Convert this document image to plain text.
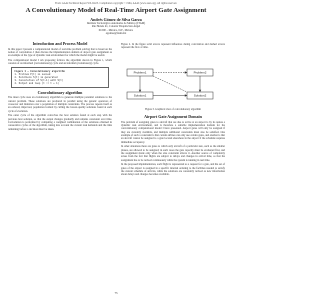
From: AAAI Technical Report WS-94-03. Compilation copyright © 1994, AAAI (www.aaai.org). All rights reserved.
A Convolutionary Model of Real-Time Airport Gate Assignment
Andrés Gómez de Silva Garza
Instituto Tecnológico Autónomo de México (ITAM)
Río Hondo #1, Colonia Tizapán-San Ángel
01000 – México, D.F., México
agomez@itam.mx
Introduction and Process Model

In this paper I present a computational model of real-time problem solving that is based on the notion of convolution. I then discuss the implementation domain of airport gate assignment as an example of the type of dynamic task environment for which the model might be useful.

The computational model I am proposing follows the algorithm shown in Figure 1, which consists of an informed (convolutionary) cycle and an informal (evolutionary) cycle.

Figure 1 — Convolutionary algorithm
1. Problem P(t) is sensed
2. Solutions S(t) is generated
3. Convolution of S(t-1) with S(t)
4. Output and loop (t := t + 1)
Convolutionary algorithm

The inner cycle uses an evolutionary algorithm to generate multiple potential solutions to the current problem. These solutions are produced in parallel using the genetic operators of crossover and mutation over a population of multiple constraints. The process repeats itself as an ordered, improved, population formed by culling the lowest-quality solutions found at each cycle of evolution.

The outer cycle of the algorithm convolves the best solution found at each step with the previous best solution, so that the output changes gradually and remains consistent over time. Convolution is performed by computing a weighted combination of the solutions obtained in consecutive cycles of the algorithm, taking into account the current task demands and the time remaining before a decision must be taken.

Figure 2. In the figure solid arrows represent influences during convolution and dashed arrows represent the flow of time.

Problem1	Problem2
Solution1	Solution2

Figure 3. Graphical view of convolutionary algorithm

Airport Gate Assignment Domain

The problem of assigning gates to aircraft that are due to arrive at an airport is by its nature a dynamic task environment, and is therefore a suitable implementation domain for the convolutionary computational model I have presented. Airport gates will only be assigned if they are currently available, and multiple additional constraints must also be satisfied. One example of such a constraint is that certain airlines can only use certain gates, and another is that an aircraft cannot be assigned to a gate located elsewhere in the airport if the schedule requires immediate occupancy.

In other situations there are gates to which only aircraft of a particular size, such as the smaller planes, are allowed to be assigned; in such cases the gate capacity must be evaluated first, and the assignment made only when the size constraint allows it. Another source of complexity arises from the fact that flights are subject to delays and changes in arrival time, so that the assignment has to be revised continuously while the system is running in real time.

In the proposed implementation, each flight is represented as a request for a gate, and the set of gates of the airport is assigned in a specific internal ordering to the facilities needed to satisfy the current schedule of arrivals, while the solutions are constantly revised as new information about delays and changes becomes available.

73
